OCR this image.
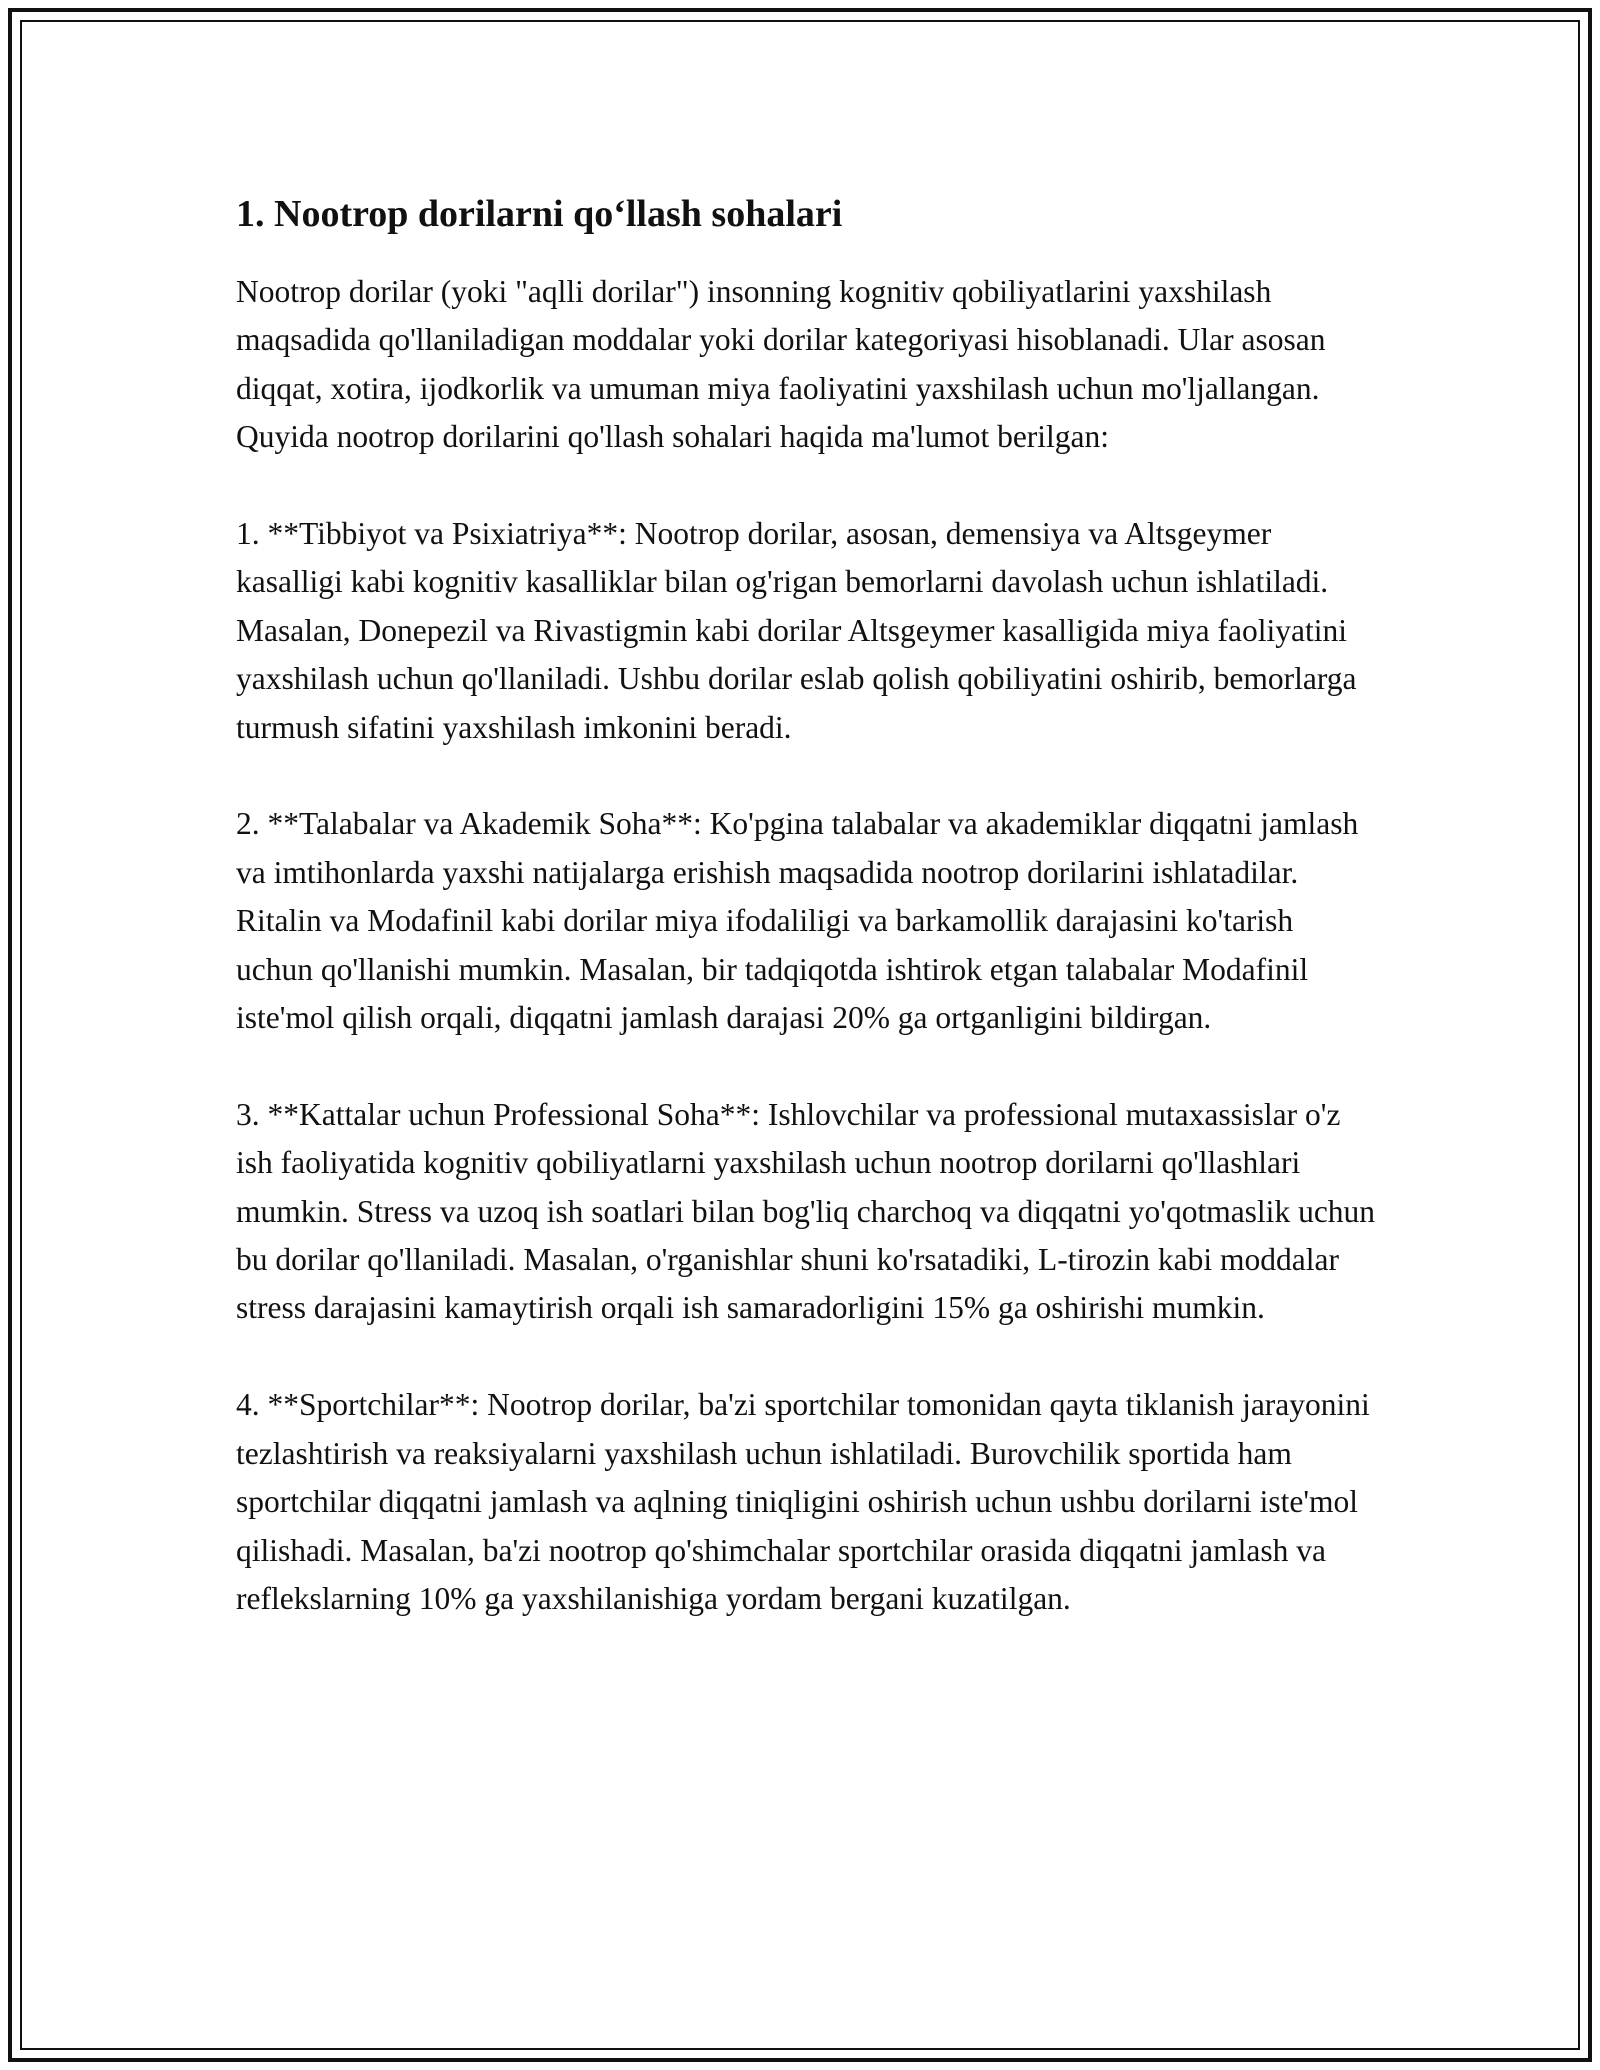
1. Nootrop dorilarni qo‘llash sohalari

Nootrop dorilar (yoki "aqlli dorilar") insonning kognitiv qobiliyatlarini yaxshilash maqsadida qo'llaniladigan moddalar yoki dorilar kategoriyasi hisoblanadi. Ular asosan diqqat, xotira, ijodkorlik va umuman miya faoliyatini yaxshilash uchun mo'ljallangan. Quyida nootrop dorilarini qo'llash sohalari haqida ma'lumot berilgan:

1. **Tibbiyot va Psixiatriya**: Nootrop dorilar, asosan, demensiya va Altsgeymer kasalligi kabi kognitiv kasalliklar bilan og'rigan bemorlarni davolash uchun ishlatiladi. Masalan, Donepezil va Rivastigmin kabi dorilar Altsgeymer kasalligida miya faoliyatini yaxshilash uchun qo'llaniladi. Ushbu dorilar eslab qolish qobiliyatini oshirib, bemorlarga turmush sifatini yaxshilash imkonini beradi.

2. **Talabalar va Akademik Soha**: Ko'pgina talabalar va akademiklar diqqatni jamlash va imtihonlarda yaxshi natijalarga erishish maqsadida nootrop dorilarini ishlatadilar. Ritalin va Modafinil kabi dorilar miya ifodaliligi va barkamollik darajasini ko'tarish uchun qo'llanishi mumkin. Masalan, bir tadqiqotda ishtirok etgan talabalar Modafinil iste'mol qilish orqali, diqqatni jamlash darajasi 20% ga ortganligini bildirgan.

3. **Kattalar uchun Professional Soha**: Ishlovchilar va professional mutaxassislar o'z ish faoliyatida kognitiv qobiliyatlarni yaxshilash uchun nootrop dorilarni qo'llashlari mumkin. Stress va uzoq ish soatlari bilan bog'liq charchoq va diqqatni yo'qotmaslik uchun bu dorilar qo'llaniladi. Masalan, o'rganishlar shuni ko'rsatadiki, L-tirozin kabi moddalar stress darajasini kamaytirish orqali ish samaradorligini 15% ga oshirishi mumkin.

4. **Sportchilar**: Nootrop dorilar, ba'zi sportchilar tomonidan qayta tiklanish jarayonini tezlashtirish va reaksiyalarni yaxshilash uchun ishlatiladi. Burovchilik sportida ham sportchilar diqqatni jamlash va aqlning tiniqligini oshirish uchun ushbu dorilarni iste'mol qilishadi. Masalan, ba'zi nootrop qo'shimchalar sportchilar orasida diqqatni jamlash va reflekslarning 10% ga yaxshilanishiga yordam bergani kuzatilgan.
